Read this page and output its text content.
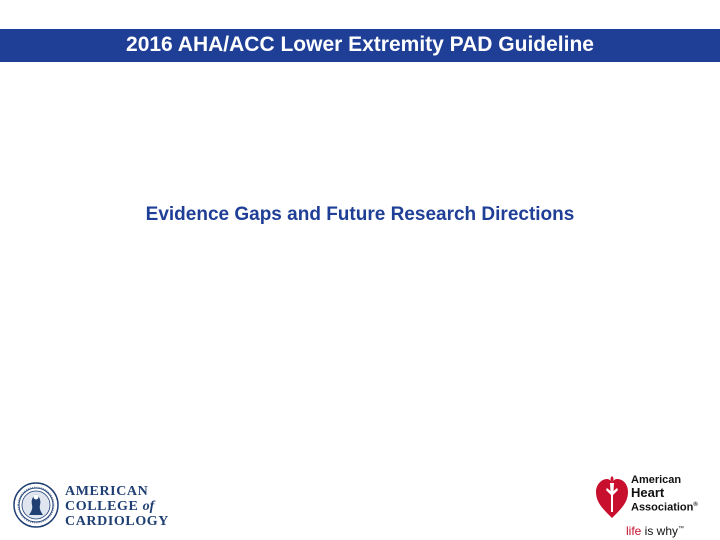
2016 AHA/ACC Lower Extremity PAD Guideline
Evidence Gaps and Future Research Directions
AMERICAN
COLLEGE of
CARDIOLOGY
American
Heart
Association®
life is why™
